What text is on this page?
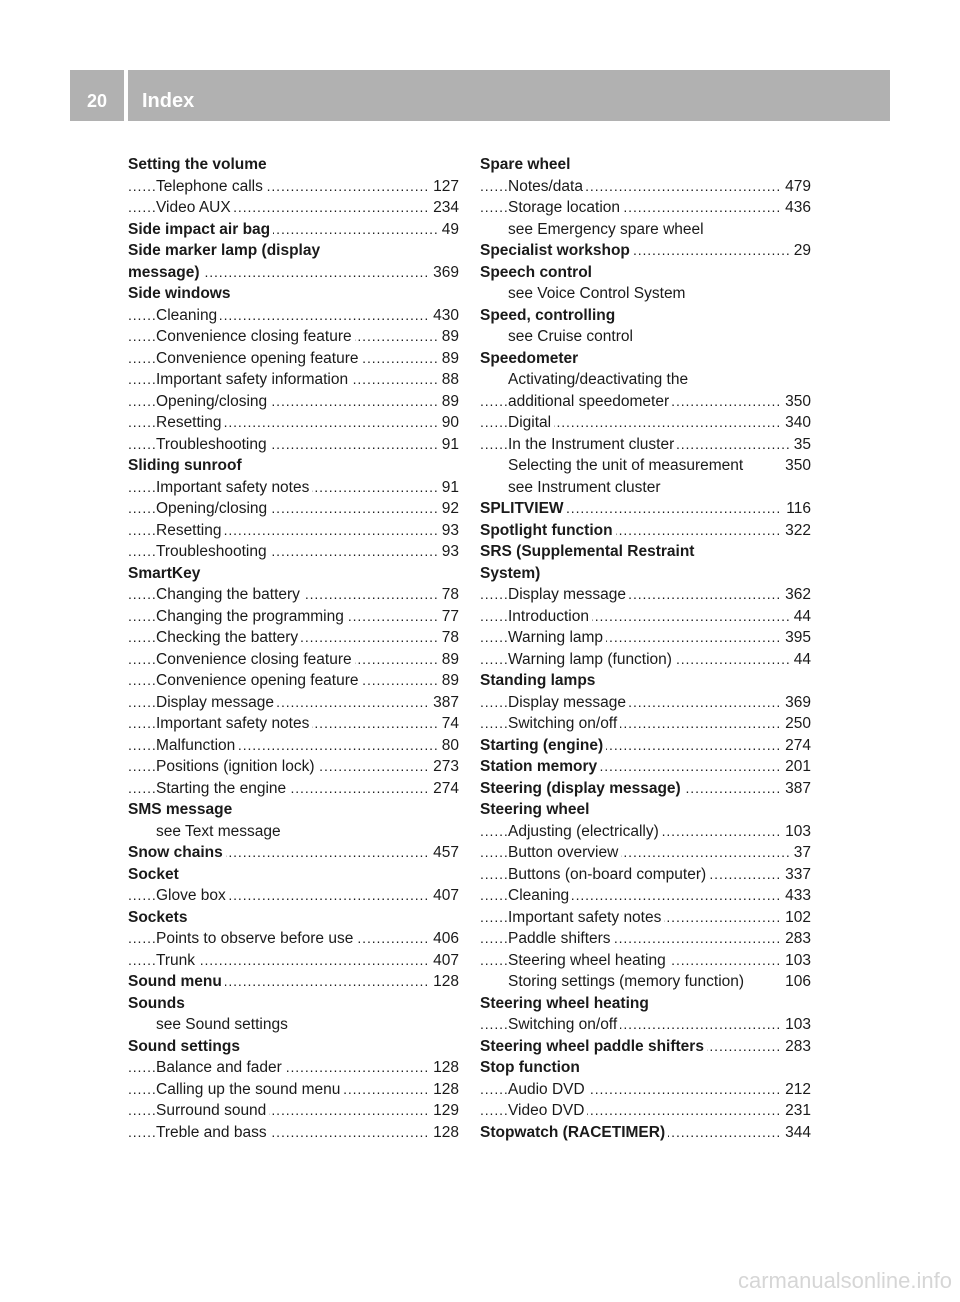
20	Index
Setting the volume
. . . Telephone calls	127
. . . Video AUX	234
. . . Side impact air bag	49
Side marker lamp (display
. . . message)	369
Side windows
. . . Cleaning	430
. . . Convenience closing feature	89
. . . Convenience opening feature	89
. . . Important safety information	88
. . . Opening/closing	89
. . . Resetting	90
. . . Troubleshooting	91
Sliding sunroof
. . . Important safety notes	91
. . . Opening/closing	92
. . . Resetting	93
. . . Troubleshooting	93
SmartKey
. . . Changing the battery	78
. . . Changing the programming	77
. . . Checking the battery	78
. . . Convenience closing feature	89
. . . Convenience opening feature	89
. . . Display message	387
. . . Important safety notes	74
. . . Malfunction	80
. . . Positions (ignition lock)	273
. . . Starting the engine	274
SMS message
see Text message
. . . Snow chains	457
Socket
. . . Glove box	407
Sockets
. . . Points to observe before use	406
. . . Trunk	407
. . . Sound menu	128
Sounds
see Sound settings
Sound settings
. . . Balance and fader	128
. . . Calling up the sound menu	128
. . . Surround sound	129
. . . Treble and bass	128
Spare wheel
. . . Notes/data	479
. . . Storage location	436
see Emergency spare wheel
. . . Specialist workshop	29
Speech control
see Voice Control System
Speed, controlling
see Cruise control
Speedometer
Activating/deactivating the
. . . additional speedometer	350
. . . Digital	340
. . . In the Instrument cluster	35
Selecting the unit of measurement	350
see Instrument cluster
. . . SPLITVIEW	116
. . . Spotlight function	322
SRS (Supplemental Restraint
System)
. . . Display message	362
. . . Introduction	44
. . . Warning lamp	395
. . . Warning lamp (function)	44
Standing lamps
. . . Display message	369
. . . Switching on/off	250
. . . Starting (engine)	274
. . . Station memory	201
. . . Steering (display message)	387
Steering wheel
. . . Adjusting (electrically)	103
. . . Button overview	37
. . . Buttons (on-board computer)	337
. . . Cleaning	433
. . . Important safety notes	102
. . . Paddle shifters	283
. . . Steering wheel heating	103
Storing settings (memory function)	106
Steering wheel heating
. . . Switching on/off	103
. . . Steering wheel paddle shifters	283
Stop function
. . . Audio DVD	212
. . . Video DVD	231
. . . Stopwatch (RACETIMER)	344
carmanualsonline.info
